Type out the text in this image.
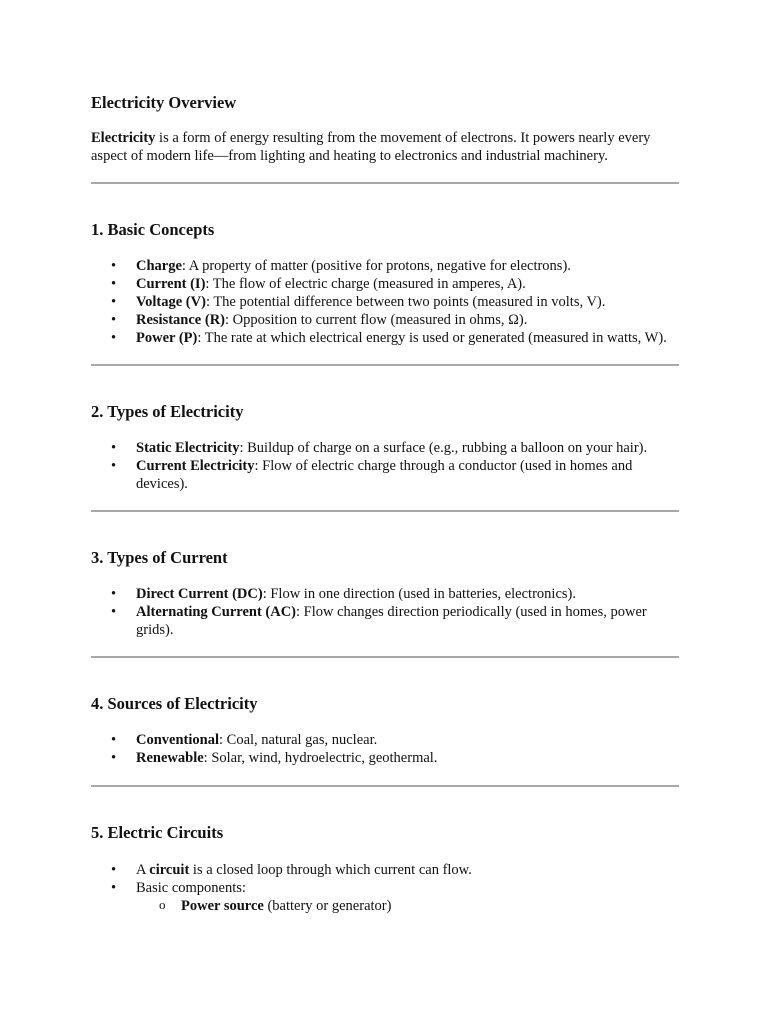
Electricity Overview

Electricity is a form of energy resulting from the movement of electrons. It powers nearly every aspect of modern life—from lighting and heating to electronics and industrial machinery.

1. Basic Concepts
• Charge: A property of matter (positive for protons, negative for electrons).
• Current (I): The flow of electric charge (measured in amperes, A).
• Voltage (V): The potential difference between two points (measured in volts, V).
• Resistance (R): Opposition to current flow (measured in ohms, Ω).
• Power (P): The rate at which electrical energy is used or generated (measured in watts, W).
2. Types of Electricity
• Static Electricity: Buildup of charge on a surface (e.g., rubbing a balloon on your hair).
• Current Electricity: Flow of electric charge through a conductor (used in homes and devices).
3. Types of Current
• Direct Current (DC): Flow in one direction (used in batteries, electronics).
• Alternating Current (AC): Flow changes direction periodically (used in homes, power grids).
4. Sources of Electricity
• Conventional: Coal, natural gas, nuclear.
• Renewable: Solar, wind, hydroelectric, geothermal.
5. Electric Circuits
• A circuit is a closed loop through which current can flow.
• Basic components:
o Power source (battery or generator)
